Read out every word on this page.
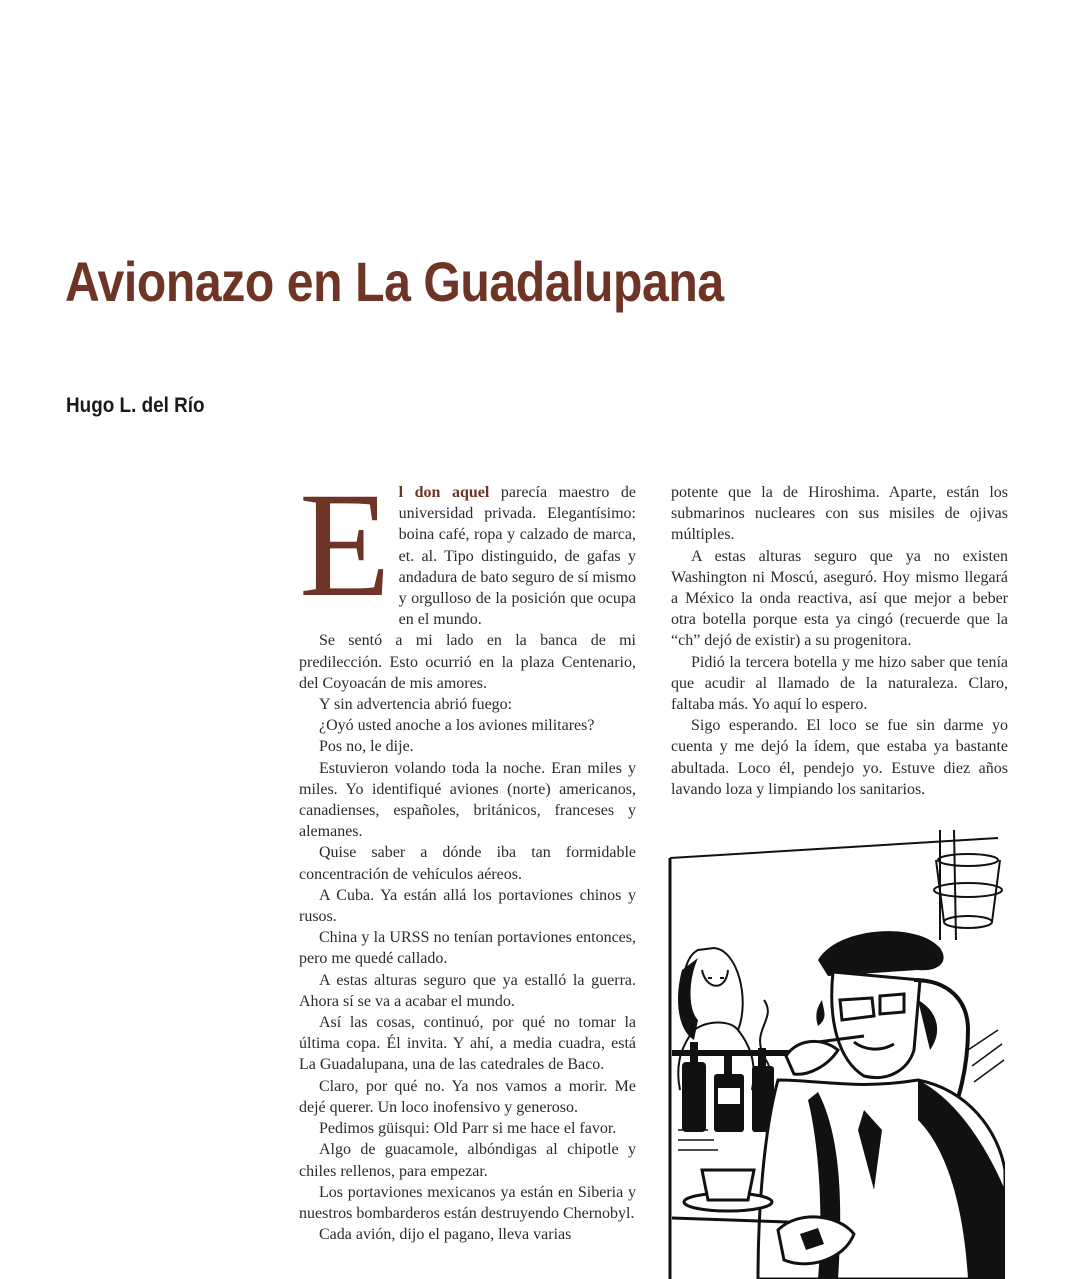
Avionazo en La Guadalupana
Hugo L. del Río

El don aquel parecía maestro de universidad privada. Elegantísimo: boina café, ropa y calzado de marca, et. al. Tipo distinguido, de gafas y andadura de bato seguro de sí mismo y orgulloso de la posición que ocupa en el mundo.

Se sentó a mi lado en la banca de mi predilección. Esto ocurrió en la plaza Centenario, del Coyoacán de mis amores.

Y sin advertencia abrió fuego:

¿Oyó usted anoche a los aviones militares?

Pos no, le dije.

Estuvieron volando toda la noche. Eran miles y miles. Yo identifiqué aviones (norte) americanos, canadienses, españoles, británicos, franceses y alemanes.

Quise saber a dónde iba tan formidable concentración de vehículos aéreos.

A Cuba. Ya están allá los portaviones chinos y rusos.

China y la URSS no tenían portaviones entonces, pero me quedé callado.

A estas alturas seguro que ya estalló la guerra. Ahora sí se va a acabar el mundo.

Así las cosas, continuó, por qué no tomar la última copa. Él invita. Y ahí, a media cuadra, está La Guadalupana, una de las catedrales de Baco.

Claro, por qué no. Ya nos vamos a morir. Me dejé querer. Un loco inofensivo y generoso.

Pedimos güisqui: Old Parr si me hace el favor.

Algo de guacamole, albóndigas al chipotle y chiles rellenos, para empezar.

Los portaviones mexicanos ya están en Siberia y nuestros bombarderos están destruyendo Chernobyl.

Cada avión, dijo el pagano, lleva varias

potente que la de Hiroshima. Aparte, están los submarinos nucleares con sus misiles de ojivas múltiples.

A estas alturas seguro que ya no existen Washington ni Moscú, aseguró. Hoy mismo llegará a México la onda reactiva, así que mejor a beber otra botella porque esta ya cingó (recuerde que la “ch” dejó de existir) a su progenitora.

Pidió la tercera botella y me hizo saber que tenía que acudir al llamado de la naturaleza. Claro, faltaba más. Yo aquí lo espero.

Sigo esperando. El loco se fue sin darme yo cuenta y me dejó la ídem, que estaba ya bastante abultada. Loco él, pendejo yo. Estuve diez años lavando loza y limpiando los sanitarios.
